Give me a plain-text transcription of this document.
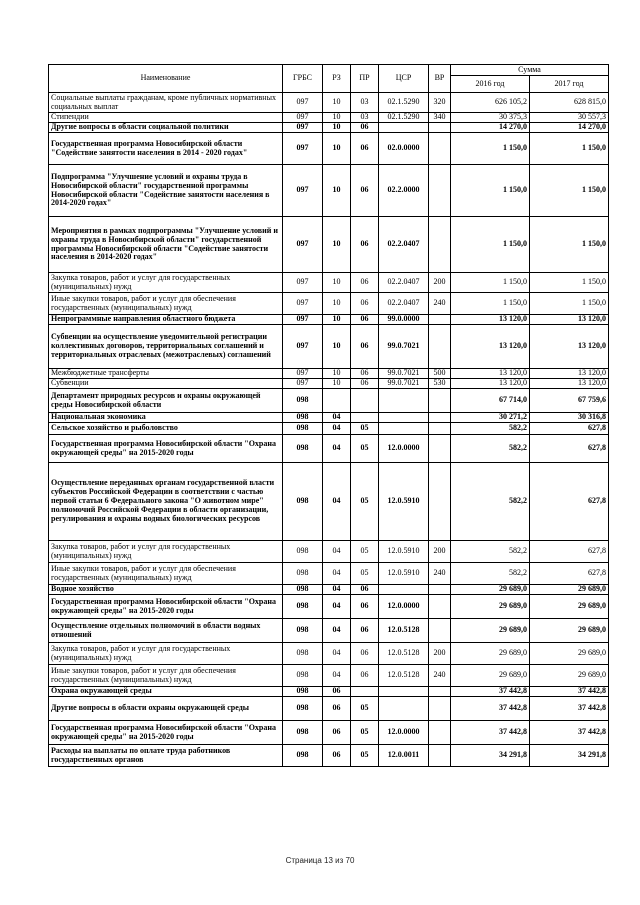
Наименование	ГРБС	РЗ	ПР	ЦСР	ВР	Сумма	
						2016 год	2017 год
Социальные выплаты гражданам, кроме публичных нормативных социальных выплат	097	10	03	02.1.5290	320	626 105,2	628 815,0
Стипендии	097	10	03	02.1.5290	340	30 375,3	30 557,3
Другие вопросы в области социальной политики	097	10	06			14 270,0	14 270,0
Государственная программа Новосибирской области "Содействие занятости населения в 2014 - 2020 годах"	097	10	06	02.0.0000		1 150,0	1 150,0
Подпрограмма "Улучшение условий и охраны труда в Новосибирской области" государственной программы Новосибирской области "Содействие занятости населения в 2014-2020 годах"	097	10	06	02.2.0000		1 150,0	1 150,0
Мероприятия в рамках подпрограммы "Улучшение условий и охраны труда в Новосибирской области" государственной программы Новосибирской области "Содействие занятости населения в 2014-2020 годах"	097	10	06	02.2.0407		1 150,0	1 150,0
Закупка товаров, работ и услуг для государственных (муниципальных) нужд	097	10	06	02.2.0407	200	1 150,0	1 150,0
Иные закупки товаров, работ и услуг для обеспечения государственных (муниципальных) нужд	097	10	06	02.2.0407	240	1 150,0	1 150,0
Непрограммные направления областного бюджета	097	10	06	99.0.0000		13 120,0	13 120,0
Субвенции на осуществление уведомительной регистрации коллективных договоров, территориальных соглашений и территориальных отраслевых (межотраслевых) соглашений	097	10	06	99.0.7021		13 120,0	13 120,0
Межбюджетные трансферты	097	10	06	99.0.7021	500	13 120,0	13 120,0
Субвенции	097	10	06	99.0.7021	530	13 120,0	13 120,0
Департамент природных ресурсов и охраны окружающей среды Новосибирской области	098					67 714,0	67 759,6
Национальная экономика	098	04				30 271,2	30 316,8
Сельское хозяйство и рыболовство	098	04	05			582,2	627,8
Государственная программа Новосибирской области "Охрана окружающей среды" на 2015-2020 годы	098	04	05	12.0.0000		582,2	627,8
Осуществление переданных органам государственной власти субъектов Российской Федерации в соответствии с частью первой статьи 6 Федерального закона "О животном мире" полномочий Российской Федерации в области организации, регулирования и охраны водных биологических ресурсов	098	04	05	12.0.5910		582,2	627,8
Закупка товаров, работ и услуг для государственных (муниципальных) нужд	098	04	05	12.0.5910	200	582,2	627,8
Иные закупки товаров, работ и услуг для обеспечения государственных (муниципальных) нужд	098	04	05	12.0.5910	240	582,2	627,8
Водное хозяйство	098	04	06			29 689,0	29 689,0
Государственная программа Новосибирской области "Охрана окружающей среды" на 2015-2020 годы	098	04	06	12.0.0000		29 689,0	29 689,0
Осуществление отдельных полномочий в области водных отношений	098	04	06	12.0.5128		29 689,0	29 689,0
Закупка товаров, работ и услуг для государственных (муниципальных) нужд	098	04	06	12.0.5128	200	29 689,0	29 689,0
Иные закупки товаров, работ и услуг для обеспечения государственных (муниципальных) нужд	098	04	06	12.0.5128	240	29 689,0	29 689,0
Охрана окружающей среды	098	06				37 442,8	37 442,8
Другие вопросы в области охраны окружающей среды	098	06	05			37 442,8	37 442,8
Государственная программа Новосибирской области "Охрана окружающей среды" на 2015-2020 годы	098	06	05	12.0.0000		37 442,8	37 442,8
Расходы на выплаты по оплате труда работников государственных органов	098	06	05	12.0.0011		34 291,8	34 291,8
Страница 13 из 70
